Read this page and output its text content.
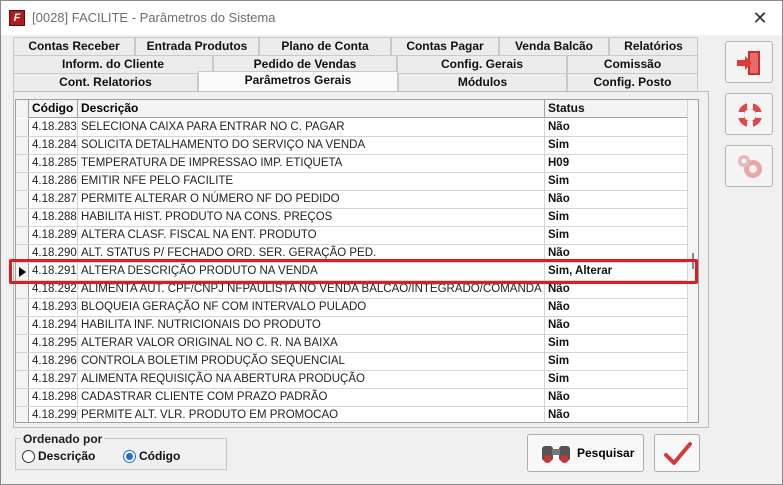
F [0028] FACILITE - Parâmetros do Sistema	✕
Contas Receber	Entrada Produtos	Plano de Conta	Contas Pagar	Venda Balcão	Relatórios
Inform. do Cliente	Pedido de Vendas	Config. Gerais	Comissão
Cont. Relatorios	Parâmetros Gerais	Módulos	Config. Posto
Código Descrição	Status
4.18.283 SELECIONA CAIXA PARA ENTRAR NO C. PAGAR	Não
4.18.284 SOLICITA DETALHAMENTO DO SERVIÇO NA VENDA	Sim
4.18.285 TEMPERATURA DE IMPRESSAO IMP. ETIQUETA	H09
4.18.286 EMITIR NFE PELO FACILITE	Sim
4.18.287 PERMITE ALTERAR O NÚMERO NF DO PEDIDO	Não
4.18.288 HABILITA HIST. PRODUTO NA CONS. PREÇOS	Sim
4.18.289 ALTERA CLASF. FISCAL NA ENT. PRODUTO	Sim
4.18.290 ALT. STATUS P/ FECHADO ORD. SER. GERAÇÃO PED.	Não
4.18.291 ALTERA DESCRIÇÃO PRODUTO NA VENDA	Sim, Alterar
4.18.292 ALIMENTA AUT. CPF/CNPJ NFPAULISTA NO VENDA BALCAO/INTEGRADO/COMANDA Não
4.18.293 BLOQUEIA GERAÇÃO NF COM INTERVALO PULADO	Não
4.18.294 HABILITA INF. NUTRICIONAIS DO PRODUTO	Não
4.18.295 ALTERAR VALOR ORIGINAL NO C. R. NA BAIXA	Sim
4.18.296 CONTROLA BOLETIM PRODUÇÃO SEQUENCIAL	Sim
4.18.297 ALIMENTA REQUISIÇÃO NA ABERTURA PRODUÇÃO	Sim
4.18.298 CADASTRAR CLIENTE COM PRAZO PADRÃO	Não
4.18.299 PERMITE ALT. VLR. PRODUTO EM PROMOCAO	Não
Ordenado por
Descrição	Código	Pesquisar
